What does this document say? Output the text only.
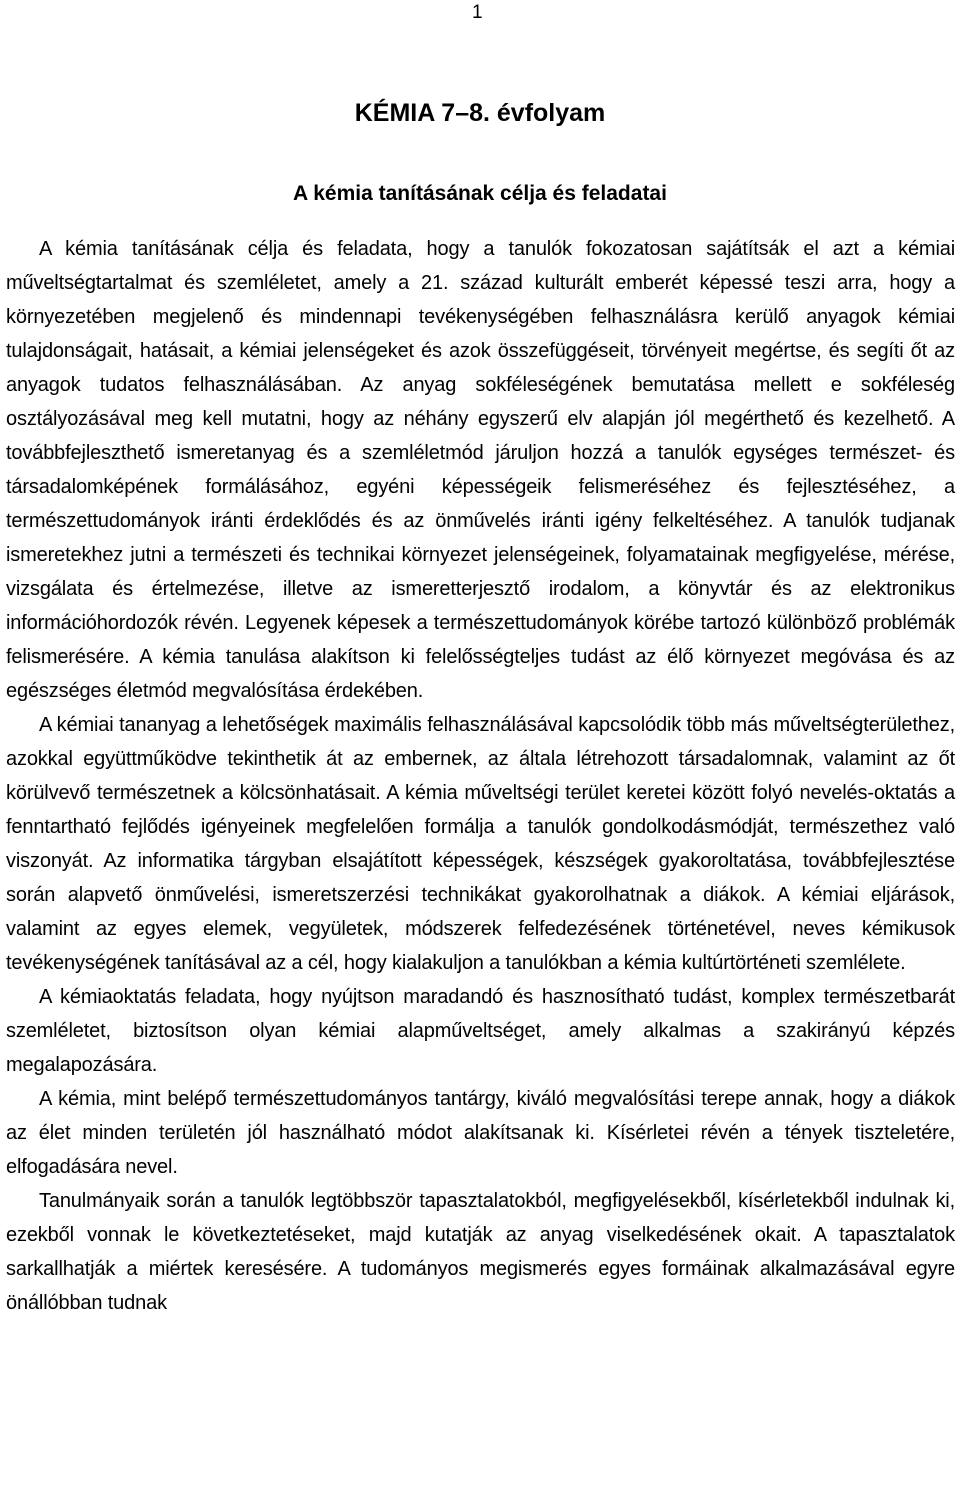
1
KÉMIA 7–8. évfolyam
A kémia tanításának célja és feladatai

A kémia tanításának célja és feladata, hogy a tanulók fokozatosan sajátítsák el azt a kémiai műveltségtartalmat és szemléletet, amely a 21. század kulturált emberét képessé teszi arra, hogy a környezetében megjelenő és mindennapi tevékenységében felhasználásra kerülő anyagok kémiai tulajdonságait, hatásait, a kémiai jelenségeket és azok összefüggéseit, törvényeit megértse, és segíti őt az anyagok tudatos felhasználásában. Az anyag sokféleségének bemutatása mellett e sokféleség osztályozásával meg kell mutatni, hogy az néhány egyszerű elv alapján jól megérthető és kezelhető. A továbbfejleszthető ismeretanyag és a szemléletmód járuljon hozzá a tanulók egységes természet- és társadalomképének formálásához, egyéni képességeik felismeréséhez és fejlesztéséhez, a természettudományok iránti érdeklődés és az önművelés iránti igény felkeltéséhez. A tanulók tudjanak ismeretekhez jutni a természeti és technikai környezet jelenségeinek, folyamatainak megfigyelése, mérése, vizsgálata és értelmezése, illetve az ismeretterjesztő irodalom, a könyvtár és az elektronikus információhordozók révén. Legyenek képesek a természettudományok körébe tartozó különböző problémák felismerésére. A kémia tanulása alakítson ki felelősségteljes tudást az élő környezet megóvása és az egészséges életmód megvalósítása érdekében.

A kémiai tananyag a lehetőségek maximális felhasználásával kapcsolódik több más műveltségterülethez, azokkal együttműködve tekinthetik át az embernek, az általa létrehozott társadalomnak, valamint az őt körülvevő természetnek a kölcsönhatásait. A kémia műveltségi terület keretei között folyó nevelés-oktatás a fenntartható fejlődés igényeinek megfelelően formálja a tanulók gondolkodásmódját, természethez való viszonyát. Az informatika tárgyban elsajátított képességek, készségek gyakoroltatása, továbbfejlesztése során alapvető önművelési, ismeretszerzési technikákat gyakorolhatnak a diákok. A kémiai eljárások, valamint az egyes elemek, vegyületek, módszerek felfedezésének történetével, neves kémikusok tevékenységének tanításával az a cél, hogy kialakuljon a tanulókban a kémia kultúrtörténeti szemlélete.

A kémiaoktatás feladata, hogy nyújtson maradandó és hasznosítható tudást, komplex természetbarát szemléletet, biztosítson olyan kémiai alapműveltséget, amely alkalmas a szakirányú képzés megalapozására.

A kémia, mint belépő természettudományos tantárgy, kiváló megvalósítási terepe annak, hogy a diákok az élet minden területén jól használható módot alakítsanak ki. Kísérletei révén a tények tiszteletére, elfogadására nevel.

Tanulmányaik során a tanulók legtöbbször tapasztalatokból, megfigyelésekből, kísérletekből indulnak ki, ezekből vonnak le következtetéseket, majd kutatják az anyag viselkedésének okait. A tapasztalatok sarkallhatják a miértek keresésére. A tudományos megismerés egyes formáinak alkalmazásával egyre önállóbban tudnak
